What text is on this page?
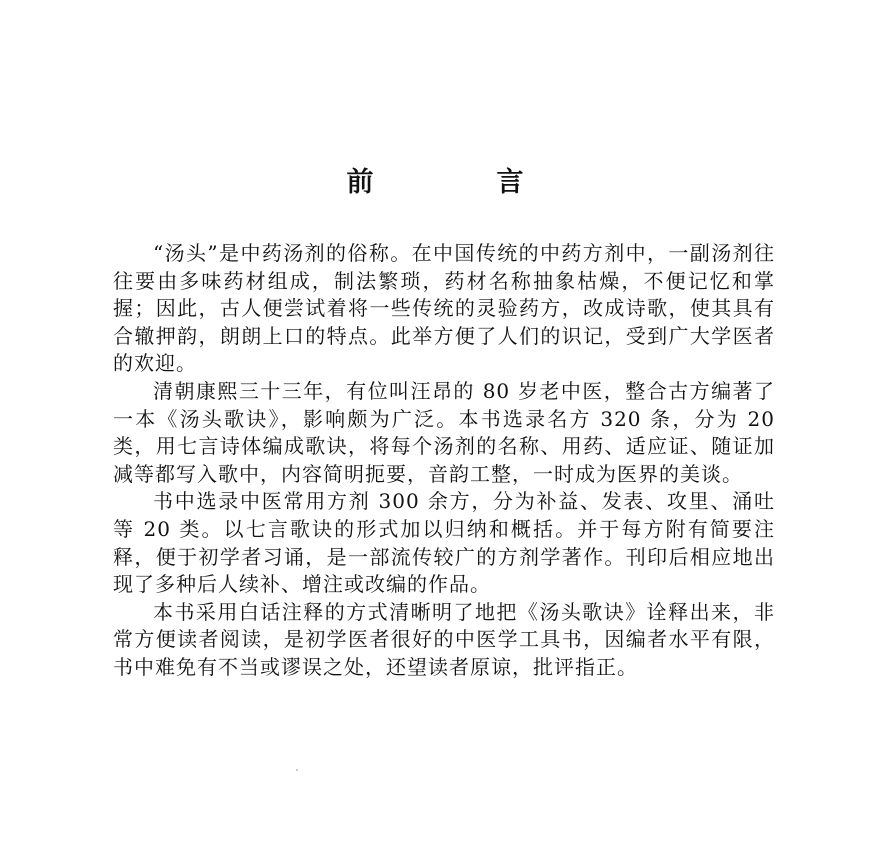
前　言

“汤头”是中药汤剂的俗称。在中国传统的中药方剂中，一副汤剂往往要由多味药材组成，制法繁琐，药材名称抽象枯燥，不便记忆和掌握；因此，古人便尝试着将一些传统的灵验药方，改成诗歌，使其具有合辙押韵，朗朗上口的特点。此举方便了人们的识记，受到广大学医者的欢迎。

清朝康熙三十三年，有位叫汪昂的 80 岁老中医，整合古方编著了一本《汤头歌诀》，影响颇为广泛。本书选录名方 320 条，分为 20 类，用七言诗体编成歌诀，将每个汤剂的名称、用药、适应证、随证加减等都写入歌中，内容简明扼要，音韵工整，一时成为医界的美谈。

书中选录中医常用方剂 300 余方，分为补益、发表、攻里、涌吐等 20 类。以七言歌诀的形式加以归纳和概括。并于每方附有简要注释，便于初学者习诵，是一部流传较广的方剂学著作。刊印后相应地出现了多种后人续补、增注或改编的作品。

本书采用白话注释的方式清晰明了地把《汤头歌诀》诠释出来，非常方便读者阅读，是初学医者很好的中医学工具书，因编者水平有限，书中难免有不当或谬误之处，还望读者原谅，批评指正。
